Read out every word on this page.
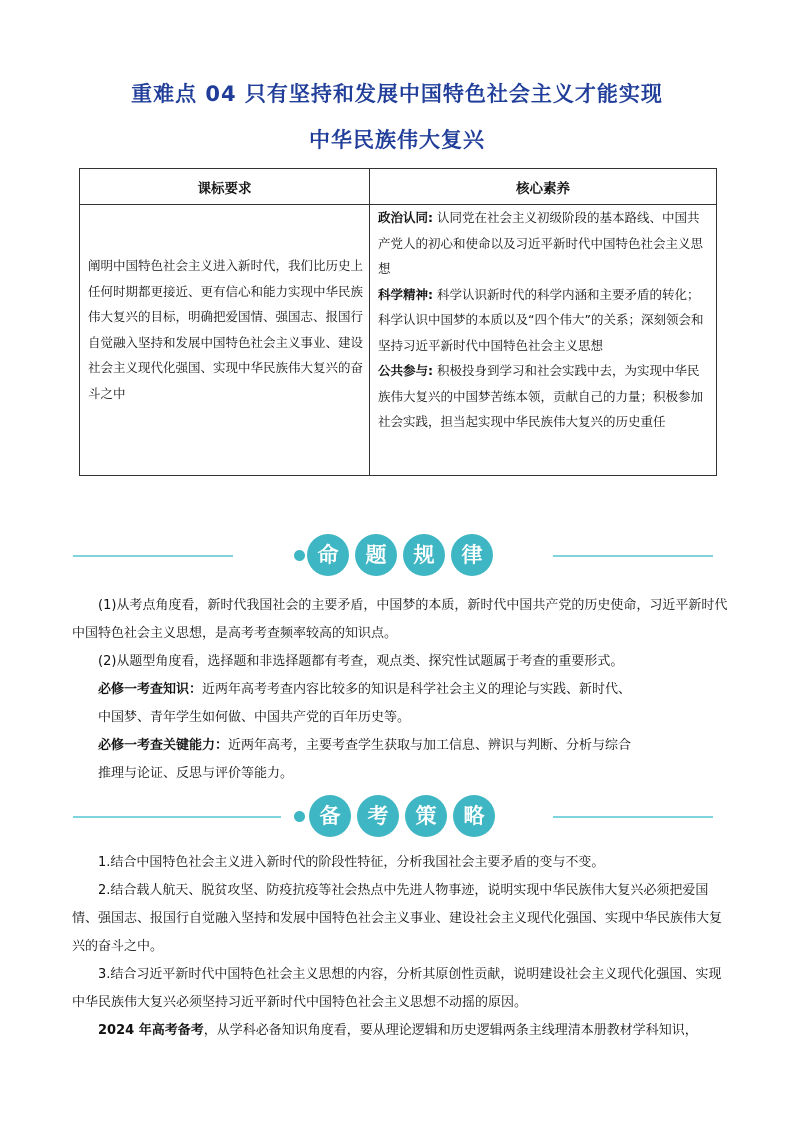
重难点 04 只有坚持和发展中国特色社会主义才能实现
中华民族伟大复兴
课标要求	核心素养
阐明中国特色社会主义进入新时代，我们比历史上任何时期都更接近、更有信心和能力实现中华民族伟大复兴的目标，明确把爱国情、强国志、报国行自觉融入坚持和发展中国特色社会主义事业、建设社会主义现代化强国、实现中华民族伟大复兴的奋斗之中	政治认同: 认同党在社会主义初级阶段的基本路线、中国共产党人的初心和使命以及习近平新时代中国特色社会主义思想
科学精神: 科学认识新时代的科学内涵和主要矛盾的转化；科学认识中国梦的本质以及“四个伟大”的关系；深刻领会和坚持习近平新时代中国特色社会主义思想
公共参与: 积极投身到学习和社会实践中去，为实现中华民族伟大复兴的中国梦苦练本领，贡献自己的力量；积极参加社会实践，担当起实现中华民族伟大复兴的历史重任
命	题	规	律

(1)从考点角度看，新时代我国社会的主要矛盾，中国梦的本质，新时代中国共产党的历史使命，习近平新时代中国特色社会主义思想，是高考考查频率较高的知识点。

(2)从题型角度看，选择题和非选择题都有考查，观点类、探究性试题属于考查的重要形式。

必修一考查知识：近两年高考考查内容比较多的知识是科学社会主义的理论与实践、新时代、

中国梦、青年学生如何做、中国共产党的百年历史等。

必修一考查关键能力：近两年高考，主要考查学生获取与加工信息、辨识与判断、分析与综合

推理与论证、反思与评价等能力。

备	考	策	略

1.结合中国特色社会主义进入新时代的阶段性特征，分析我国社会主要矛盾的变与不变。

2.结合载人航天、脱贫攻坚、防疫抗疫等社会热点中先进人物事迹，说明实现中华民族伟大复兴必须把爱国情、强国志、报国行自觉融入坚持和发展中国特色社会主义事业、建设社会主义现代化强国、实现中华民族伟大复兴的奋斗之中。

3.结合习近平新时代中国特色社会主义思想的内容，分析其原创性贡献，说明建设社会主义现代化强国、实现中华民族伟大复兴必须坚持习近平新时代中国特色社会主义思想不动摇的原因。

2024 年高考备考，从学科必备知识角度看，要从理论逻辑和历史逻辑两条主线理清本册教材学科知识，
